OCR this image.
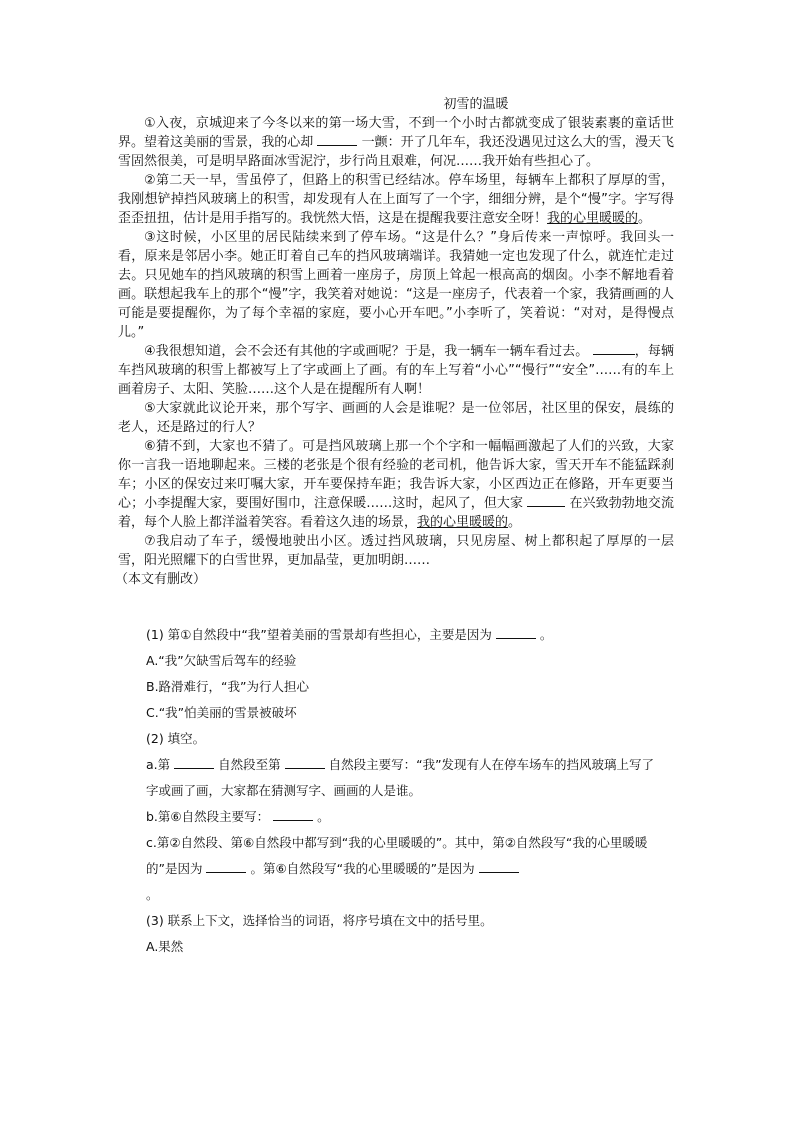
初雪的温暖

①入夜，京城迎来了今冬以来的第一场大雪，不到一个小时古都就变成了银装素裹的童话世界。望着这美丽的雪景，我的心却	一颤：开了几年车，我还没遇见过这么大的雪，漫天飞雪固然很美，可是明早路面冰雪泥泞，步行尚且艰难，何况……我开始有些担心了。

②第二天一早，雪虽停了，但路上的积雪已经结冰。停车场里，每辆车上都积了厚厚的雪，我刚想铲掉挡风玻璃上的积雪，却发现有人在上面写了一个字，细细分辨，是个“慢”字。字写得歪歪扭扭，估计是用手指写的。我恍然大悟，这是在提醒我要注意安全呀！我的心里暖暖的。

③这时候，小区里的居民陆续来到了停车场。“这是什么？”身后传来一声惊呼。我回头一看，原来是邻居小李。她正盯着自己车的挡风玻璃端详。我猜她一定也发现了什么，就连忙走过去。只见她车的挡风玻璃的积雪上画着一座房子，房顶上耸起一根高高的烟囱。小李不解地看着画。联想起我车上的那个“慢”字，我笑着对她说：“这是一座房子，代表着一个家，我猜画画的人可能是要提醒你，为了每个幸福的家庭，要小心开车吧。”小李听了，笑着说：“对对，是得慢点儿。”

④我很想知道，会不会还有其他的字或画呢？于是，我一辆车一辆车看过去。	，每辆车挡风玻璃的积雪上都被写上了字或画上了画。有的车上写着“小心”“慢行”“安全”……有的车上画着房子、太阳、笑脸……这个人是在提醒所有人啊！

⑤大家就此议论开来，那个写字、画画的人会是谁呢？是一位邻居，社区里的保安，晨练的老人，还是路过的行人？

⑥猜不到，大家也不猜了。可是挡风玻璃上那一个个字和一幅幅画激起了人们的兴致，大家你一言我一语地聊起来。三楼的老张是个很有经验的老司机，他告诉大家，雪天开车不能猛踩刹车；小区的保安过来叮嘱大家，开车要保持车距；我告诉大家，小区西边正在修路，开车更要当心；小李提醒大家，要围好围巾，注意保暖……这时，起风了，但大家	在兴致勃勃地交流着，每个人脸上都洋溢着笑容。看着这久违的场景，我的心里暖暖的。

⑦我启动了车子，缓慢地驶出小区。透过挡风玻璃，只见房屋、树上都积起了厚厚的一层雪，阳光照耀下的白雪世界，更加晶莹，更加明朗……

（本文有删改）

(1) 第①自然段中“我”望着美丽的雪景却有些担心，主要是因为	。

A.“我”欠缺雪后驾车的经验

B.路滑难行，“我”为行人担心

C.“我”怕美丽的雪景被破坏

(2) 填空。

a.第	自然段至第	自然段主要写：“我”发现有人在停车场车的挡风玻璃上写了字或画了画，大家都在猜测写字、画画的人是谁。

b.第⑥自然段主要写：	。

c.第②自然段、第⑥自然段中都写到“我的心里暖暖的”。其中，第②自然段写“我的心里暖暖的”是因为	。第⑥自然段写“我的心里暖暖的”是因为
。

(3) 联系上下文，选择恰当的词语，将序号填在文中的括号里。

A.果然
